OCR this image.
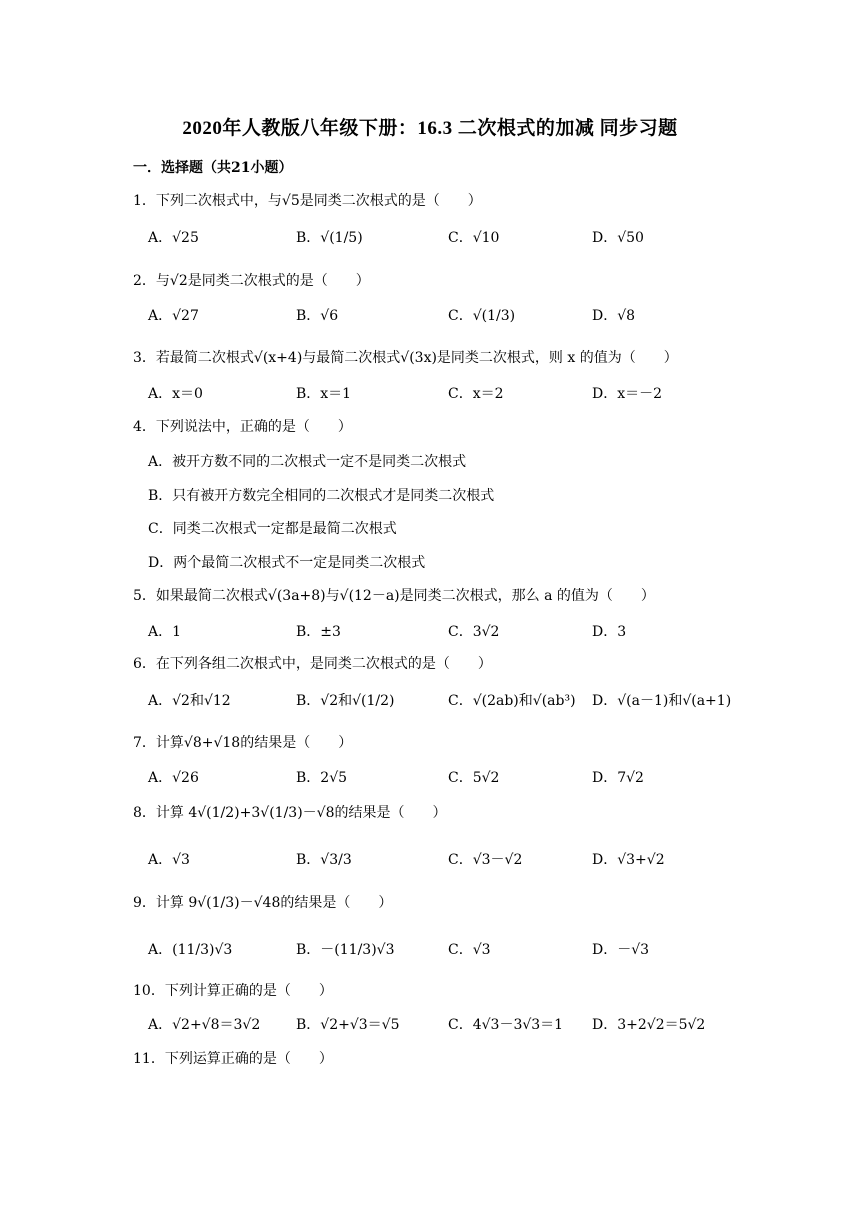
2020年人教版八年级下册：16.3 二次根式的加减 同步习题
一．选择题（共21小题）
1．下列二次根式中，与√5是同类二次根式的是（　　）
A．√25	B．√(1/5)	C．√10	D．√50
2．与√2是同类二次根式的是（　　）
A．√27	B．√6	C．√(1/3)	D．√8
3．若最简二次根式√(x+4)与最简二次根式√(3x)是同类二次根式，则 x 的值为（　　）
A．x＝0	B．x＝1	C．x＝2	D．x＝－2
4．下列说法中，正确的是（　　）
A．被开方数不同的二次根式一定不是同类二次根式
B．只有被开方数完全相同的二次根式才是同类二次根式
C．同类二次根式一定都是最简二次根式
D．两个最简二次根式不一定是同类二次根式
5．如果最简二次根式√(3a+8)与√(12－a)是同类二次根式，那么 a 的值为（　　）
A．1	B．±3	C．3√2	D．3
6．在下列各组二次根式中，是同类二次根式的是（　　）
A．√2和√12	B．√2和√(1/2)	C．√(2ab)和√(ab³) D．√(a－1)和√(a+1)
7．计算√8+√18的结果是（　　）
A．√26	B．2√5	C．5√2	D．7√2
8．计算 4√(1/2)+3√(1/3)－√8的结果是（　　）
A．√3	B．√3/3	C．√3－√2	D．√3+√2
9．计算 9√(1/3)－√48的结果是（　　）
A．(11/3)√3	B．－(11/3)√3	C．√3	D．－√3
10．下列计算正确的是（　　）
A．√2+√8＝3√2	B．√2+√3＝√5	C．4√3－3√3＝1 D．3+2√2＝5√2
11．下列运算正确的是（　　）
